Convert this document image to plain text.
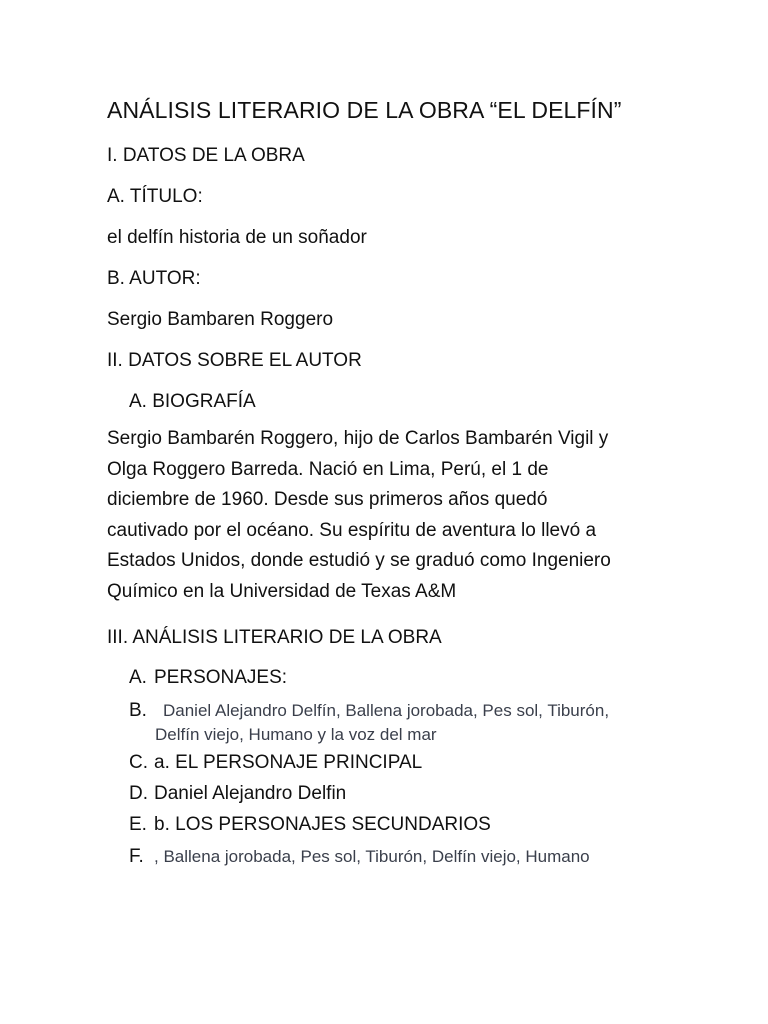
ANÁLISIS LITERARIO DE LA OBRA “EL DELFÍN”
I. DATOS DE LA OBRA
A. TÍTULO:
el delfín historia de un soñador
B. AUTOR:
Sergio Bambaren Roggero
II. DATOS SOBRE EL AUTOR
A. BIOGRAFÍA
Sergio Bambarén Roggero, hijo de Carlos Bambarén Vigil y
Olga Roggero Barreda. Nació en Lima, Perú, el 1 de
diciembre de 1960. Desde sus primeros años quedó
cautivado por el océano. Su espíritu de aventura lo llevó a
Estados Unidos, donde estudió y se graduó como Ingeniero
Químico en la Universidad de Texas A&M
III. ANÁLISIS LITERARIO DE LA OBRA
A. PERSONAJES:
B. Daniel Alejandro Delfín, Ballena jorobada, Pes sol, Tiburón,
Delfín viejo, Humano y la voz del mar
C. a. EL PERSONAJE PRINCIPAL
D. Daniel Alejandro Delfin
E. b. LOS PERSONAJES SECUNDARIOS
F. , Ballena jorobada, Pes sol, Tiburón, Delfín viejo, Humano
